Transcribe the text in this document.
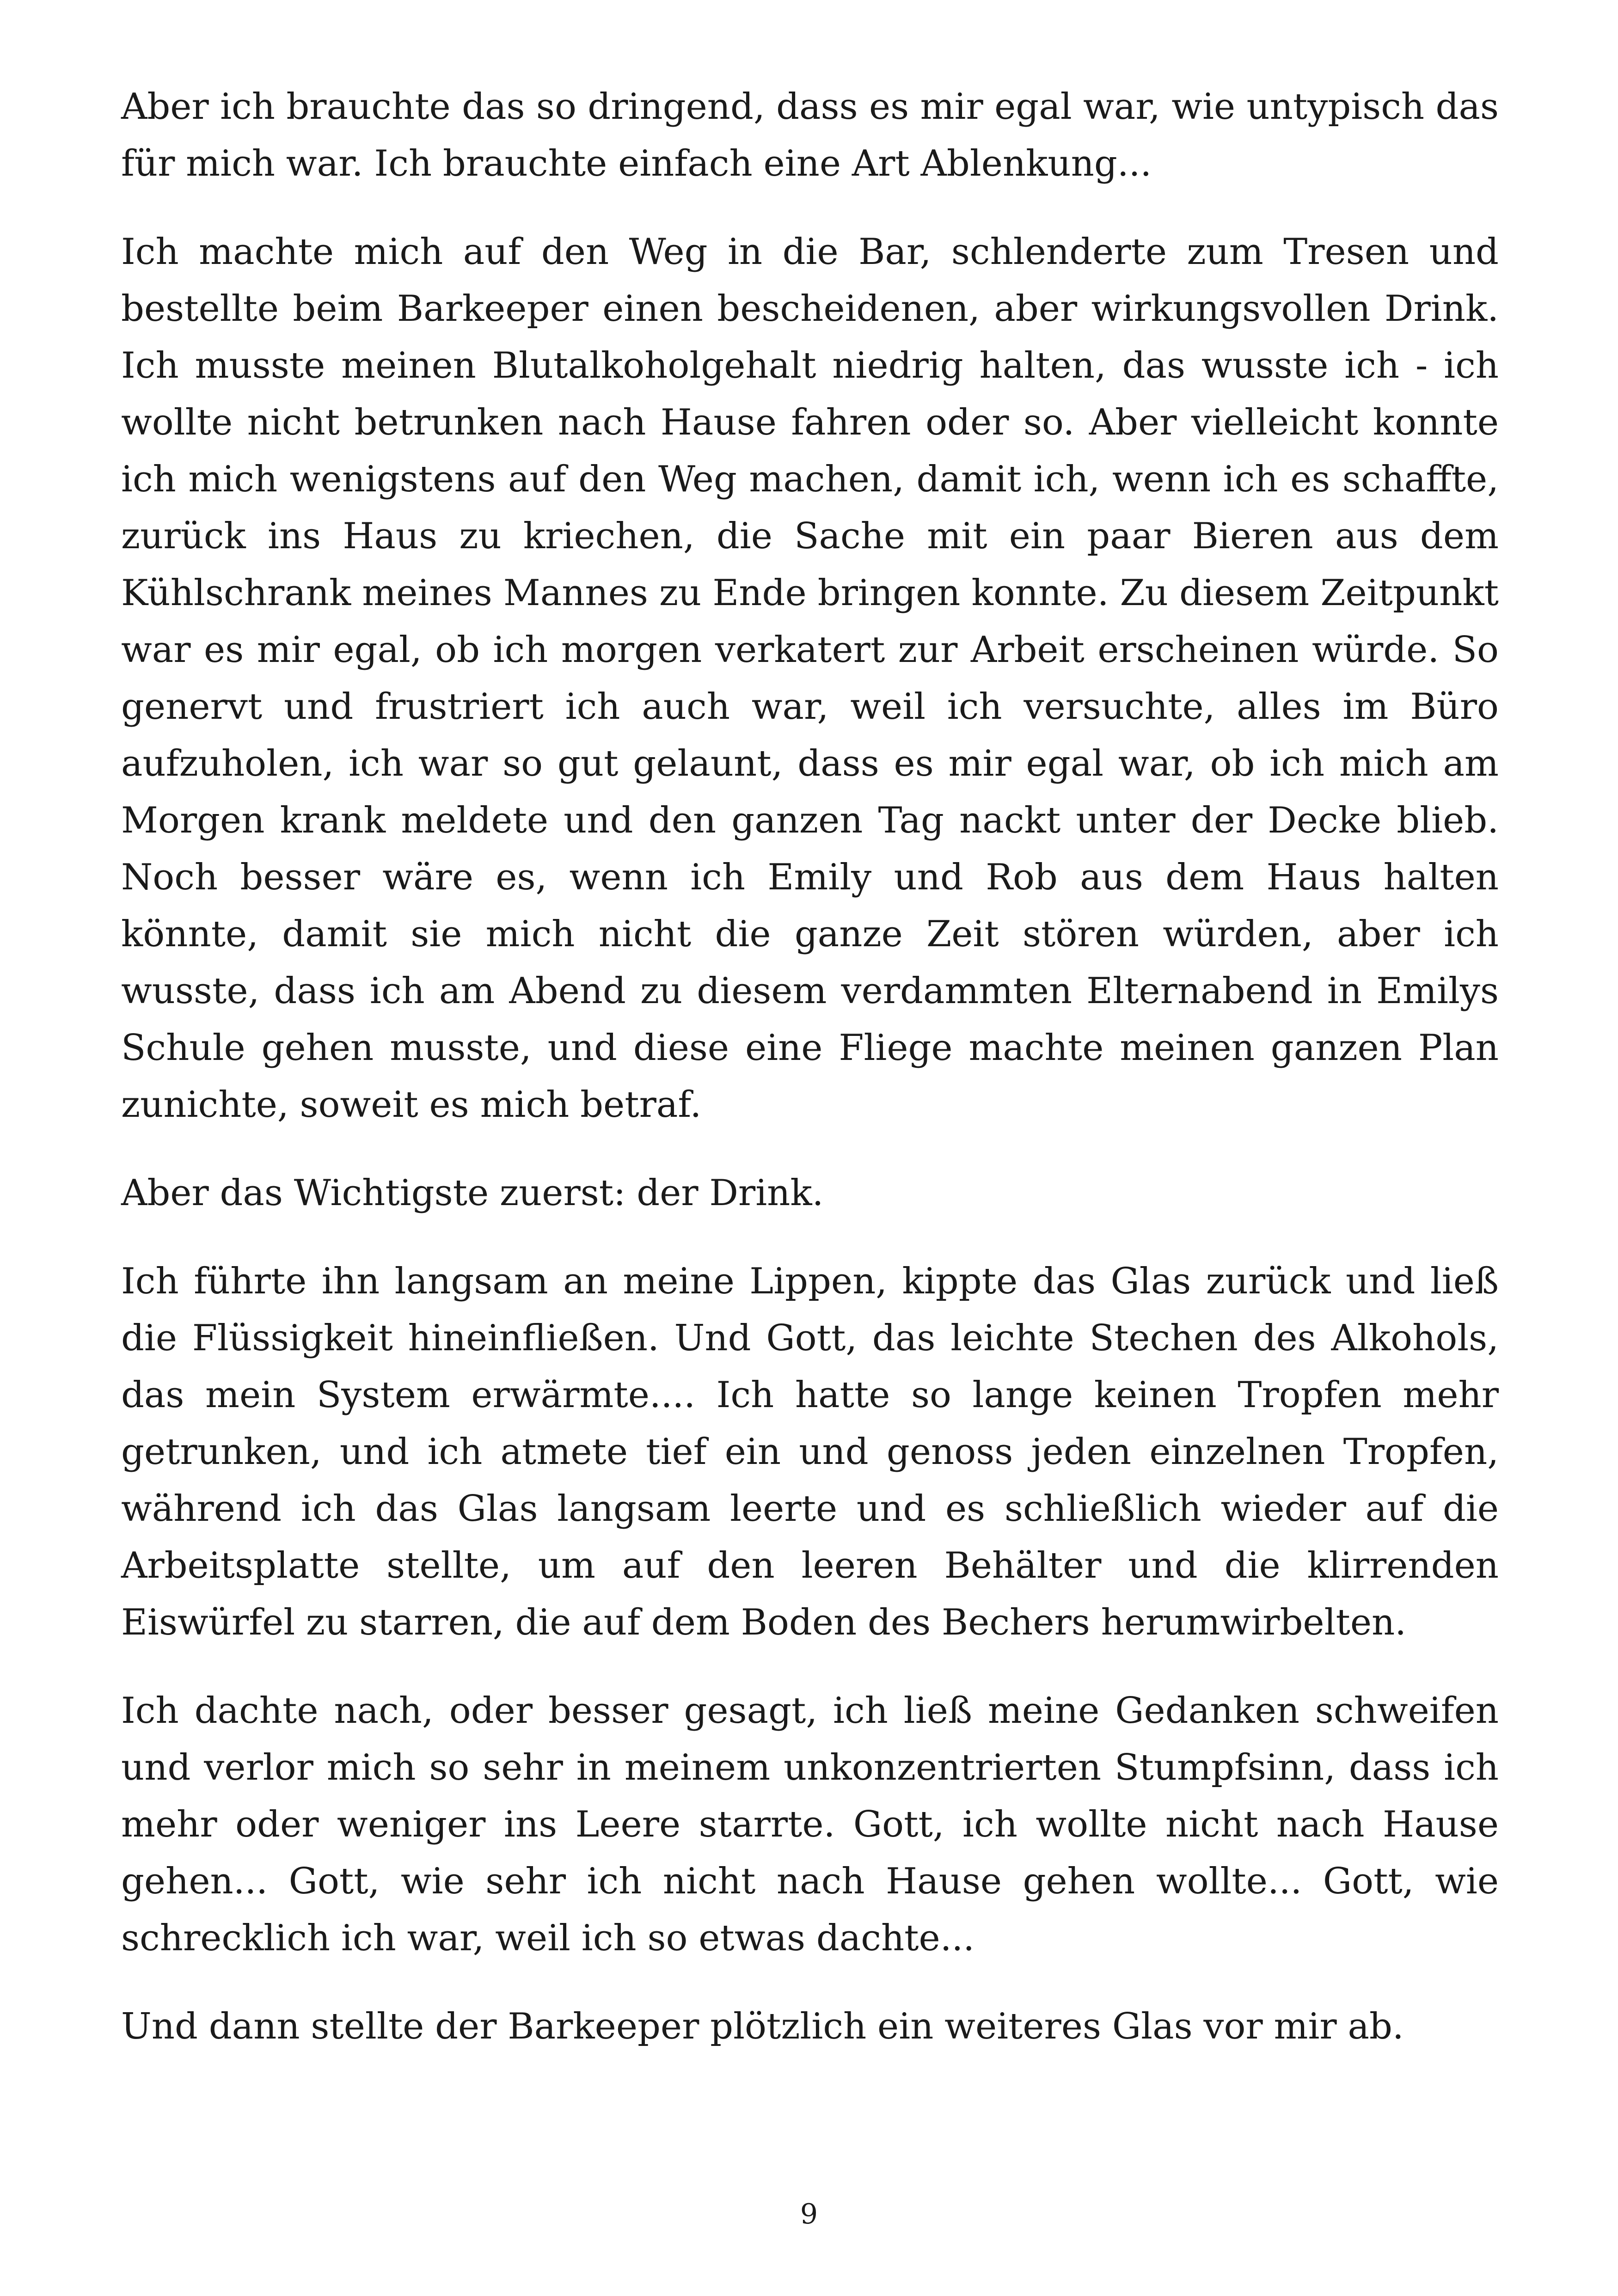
Aber ich brauchte das so dringend, dass es mir egal war, wie untypisch das für mich war. Ich brauchte einfach eine Art Ablenkung...

Ich machte mich auf den Weg in die Bar, schlenderte zum Tresen und bestellte beim Barkeeper einen bescheidenen, aber wirkungsvollen Drink. Ich musste meinen Blutalkoholgehalt niedrig halten, das wusste ich - ich wollte nicht betrunken nach Hause fahren oder so. Aber vielleicht konnte ich mich wenigstens auf den Weg machen, damit ich, wenn ich es schaffte, zurück ins Haus zu kriechen, die Sache mit ein paar Bieren aus dem Kühlschrank meines Mannes zu Ende bringen konnte. Zu diesem Zeitpunkt war es mir egal, ob ich morgen verkatert zur Arbeit erscheinen würde. So genervt und frustriert ich auch war, weil ich versuchte, alles im Büro aufzuholen, ich war so gut gelaunt, dass es mir egal war, ob ich mich am Morgen krank meldete und den ganzen Tag nackt unter der Decke blieb. Noch besser wäre es, wenn ich Emily und Rob aus dem Haus halten könnte, damit sie mich nicht die ganze Zeit stören würden, aber ich wusste, dass ich am Abend zu diesem verdammten Elternabend in Emilys Schule gehen musste, und diese eine Fliege machte meinen ganzen Plan zunichte, soweit es mich betraf.

Aber das Wichtigste zuerst: der Drink.

Ich führte ihn langsam an meine Lippen, kippte das Glas zurück und ließ die Flüssigkeit hineinfließen. Und Gott, das leichte Stechen des Alkohols, das mein System erwärmte.... Ich hatte so lange keinen Tropfen mehr getrunken, und ich atmete tief ein und genoss jeden einzelnen Tropfen, während ich das Glas langsam leerte und es schließlich wieder auf die Arbeitsplatte stellte, um auf den leeren Behälter und die klirrenden Eiswürfel zu starren, die auf dem Boden des Bechers herumwirbelten.

Ich dachte nach, oder besser gesagt, ich ließ meine Gedanken schweifen und verlor mich so sehr in meinem unkonzentrierten Stumpfsinn, dass ich mehr oder weniger ins Leere starrte. Gott, ich wollte nicht nach Hause gehen... Gott, wie sehr ich nicht nach Hause gehen wollte... Gott, wie schrecklich ich war, weil ich so etwas dachte...

Und dann stellte der Barkeeper plötzlich ein weiteres Glas vor mir ab.

9
